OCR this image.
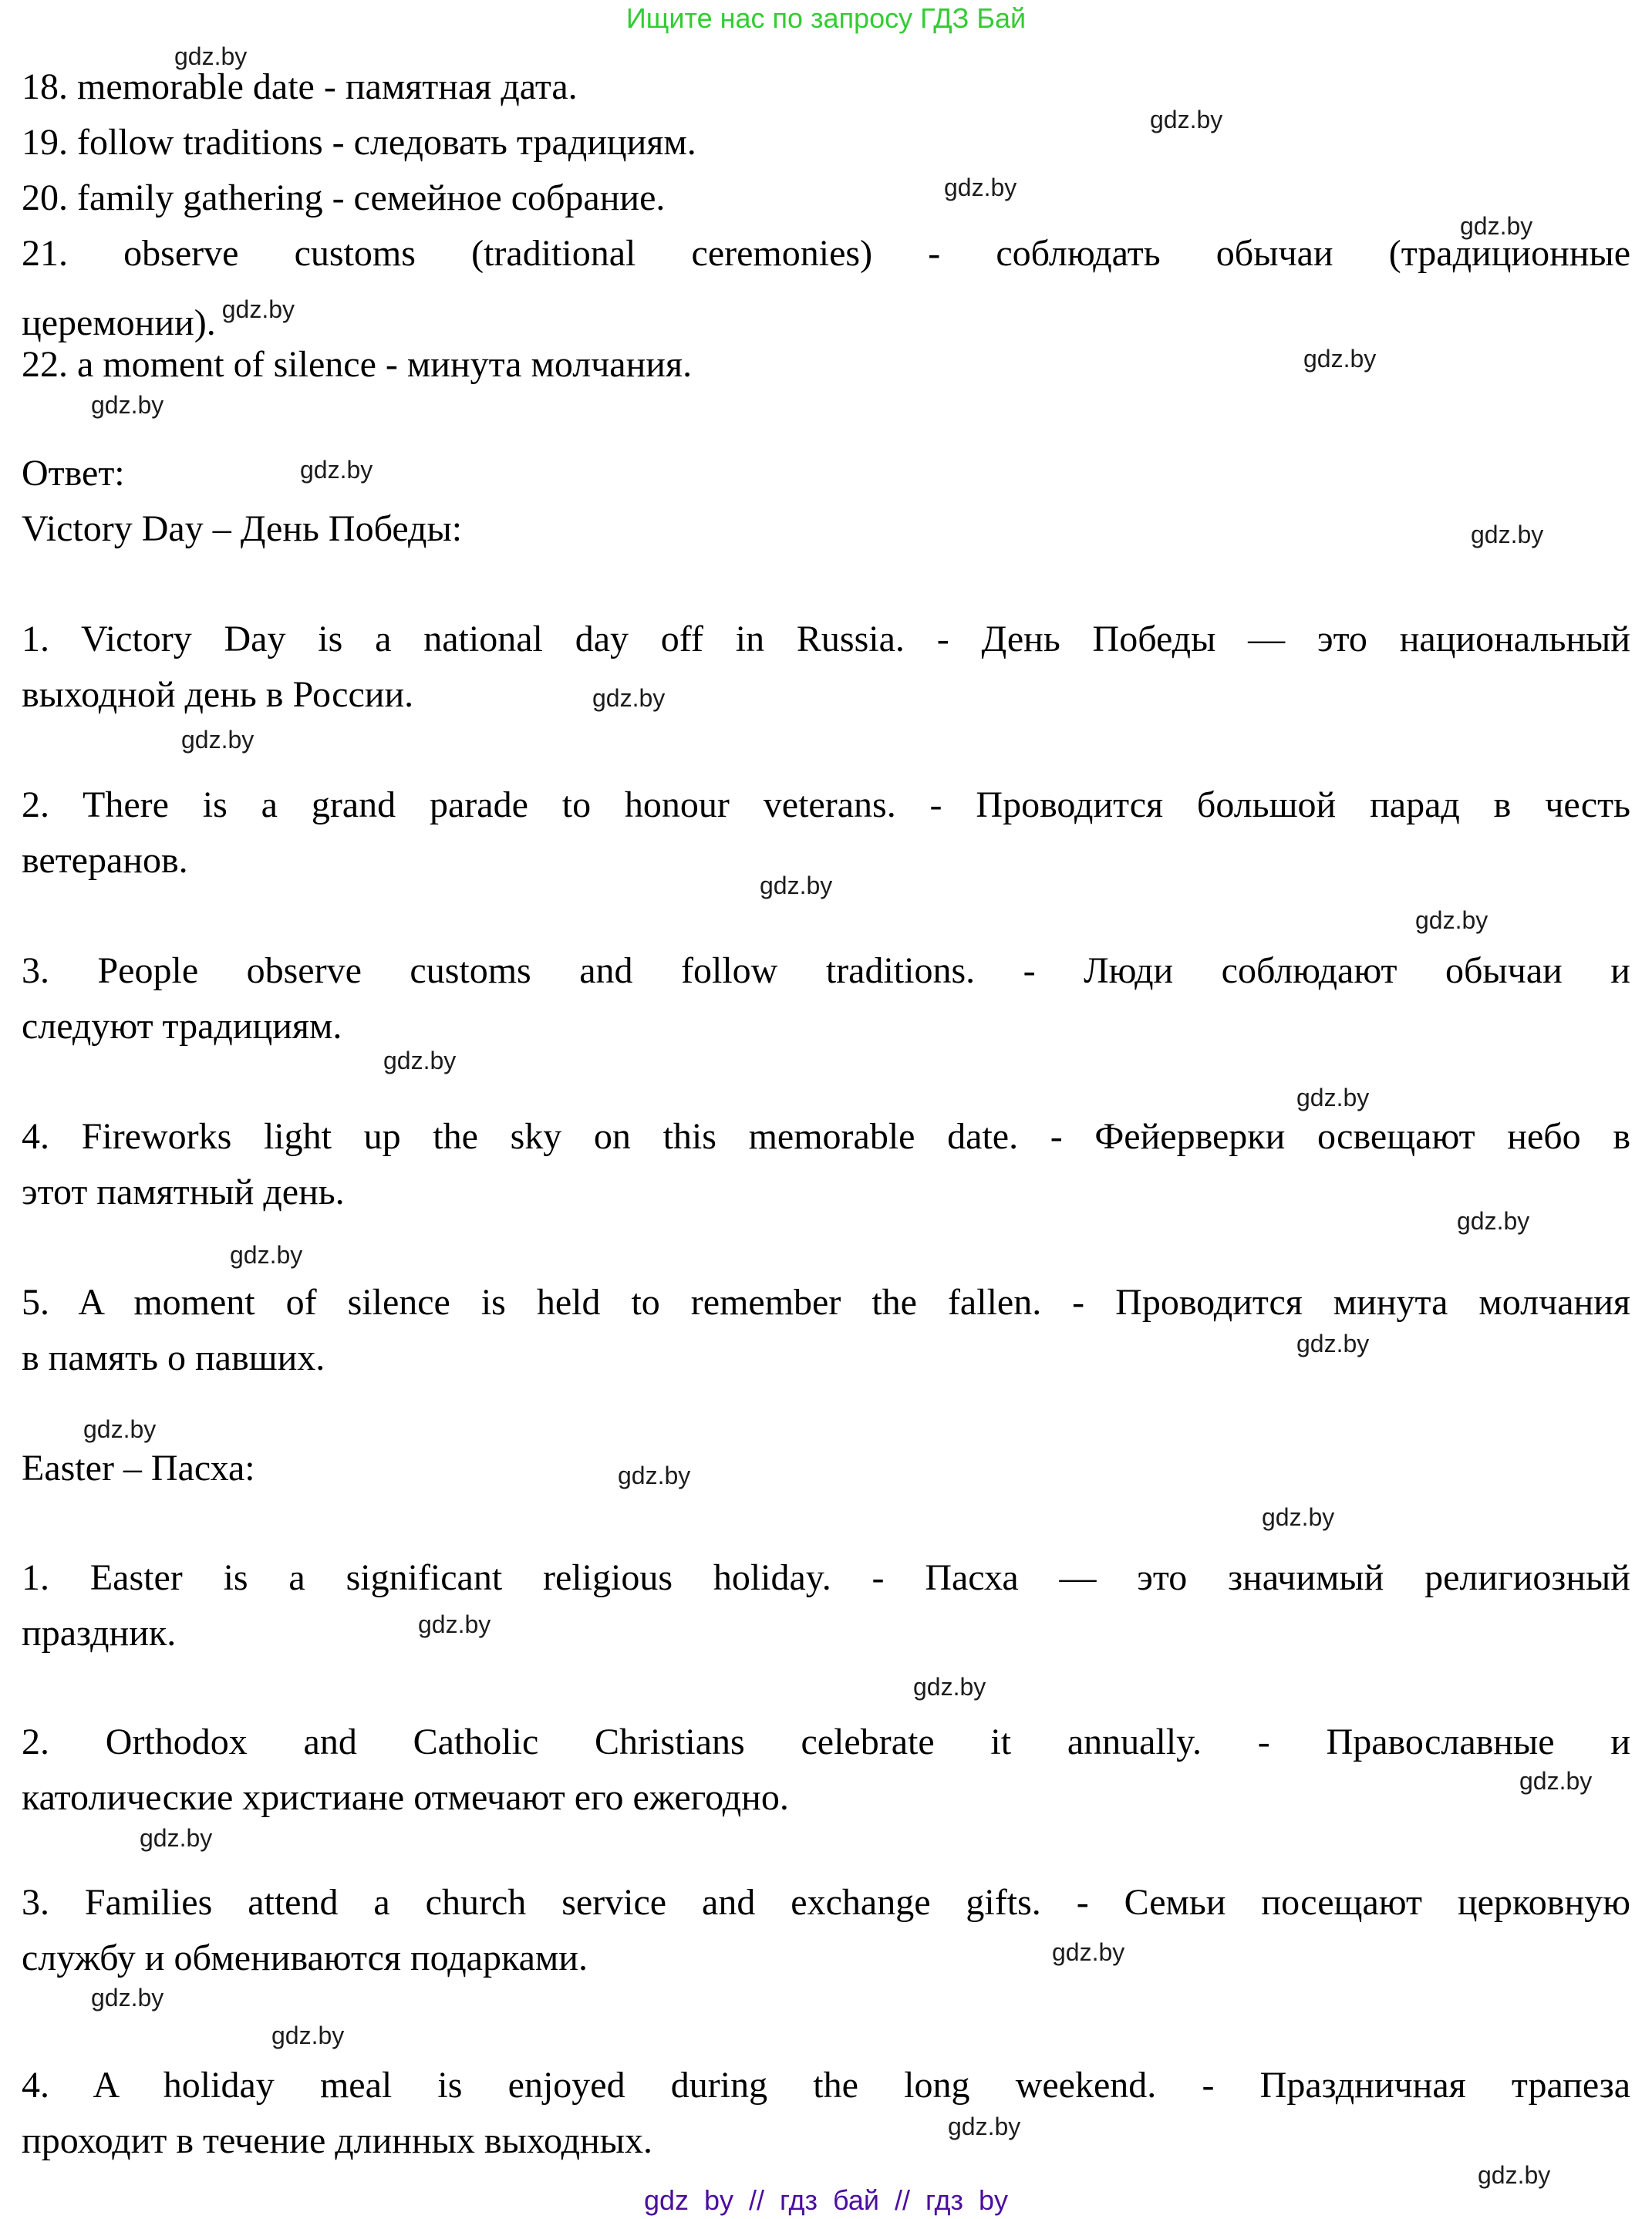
Ищите нас по запросу ГДЗ Бай
18. memorable date - памятная дата.
19. follow traditions - следовать традициям.
20. family gathering - семейное собрание.
21. observe customs (traditional ceremonies) - соблюдать обычаи (традиционные
церемонии). gdz.by
22. a moment of silence - минута молчания.
Ответ:
Victory Day – День Победы:
1. Victory Day is a national day off in Russia. - День Победы — это национальный
выходной день в России.
2. There is a grand parade to honour veterans. - Проводится большой парад в честь
ветеранов.
3. People observe customs and follow traditions. - Люди соблюдают обычаи и
следуют традициям.
4. Fireworks light up the sky on this memorable date. - Фейерверки освещают небо в
этот памятный день.
5. A moment of silence is held to remember the fallen. - Проводится минута молчания
в память о павших.
Easter – Пасха:
1. Easter is a significant religious holiday. - Пасха — это значимый религиозный
праздник.
2. Orthodox and Catholic Christians celebrate it annually. - Православные и
католические христиане отмечают его ежегодно.
3. Families attend a church service and exchange gifts. - Семьи посещают церковную
службу и обмениваются подарками.
4. A holiday meal is enjoyed during the long weekend. - Праздничная трапеза
проходит в течение длинных выходных.
gdz by // гдз бай // гдз by
gdz.by
gdz.by
gdz.by
gdz.by
gdz.by
gdz.by
gdz.by
gdz.by
gdz.by
gdz.by
gdz.by
gdz.by
gdz.by
gdz.by
gdz.by
gdz.by
gdz.by
gdz.by
gdz.by
gdz.by
gdz.by
gdz.by
gdz.by
gdz.by
gdz.by
gdz.by
gdz.by
gdz.by
gdz.by
